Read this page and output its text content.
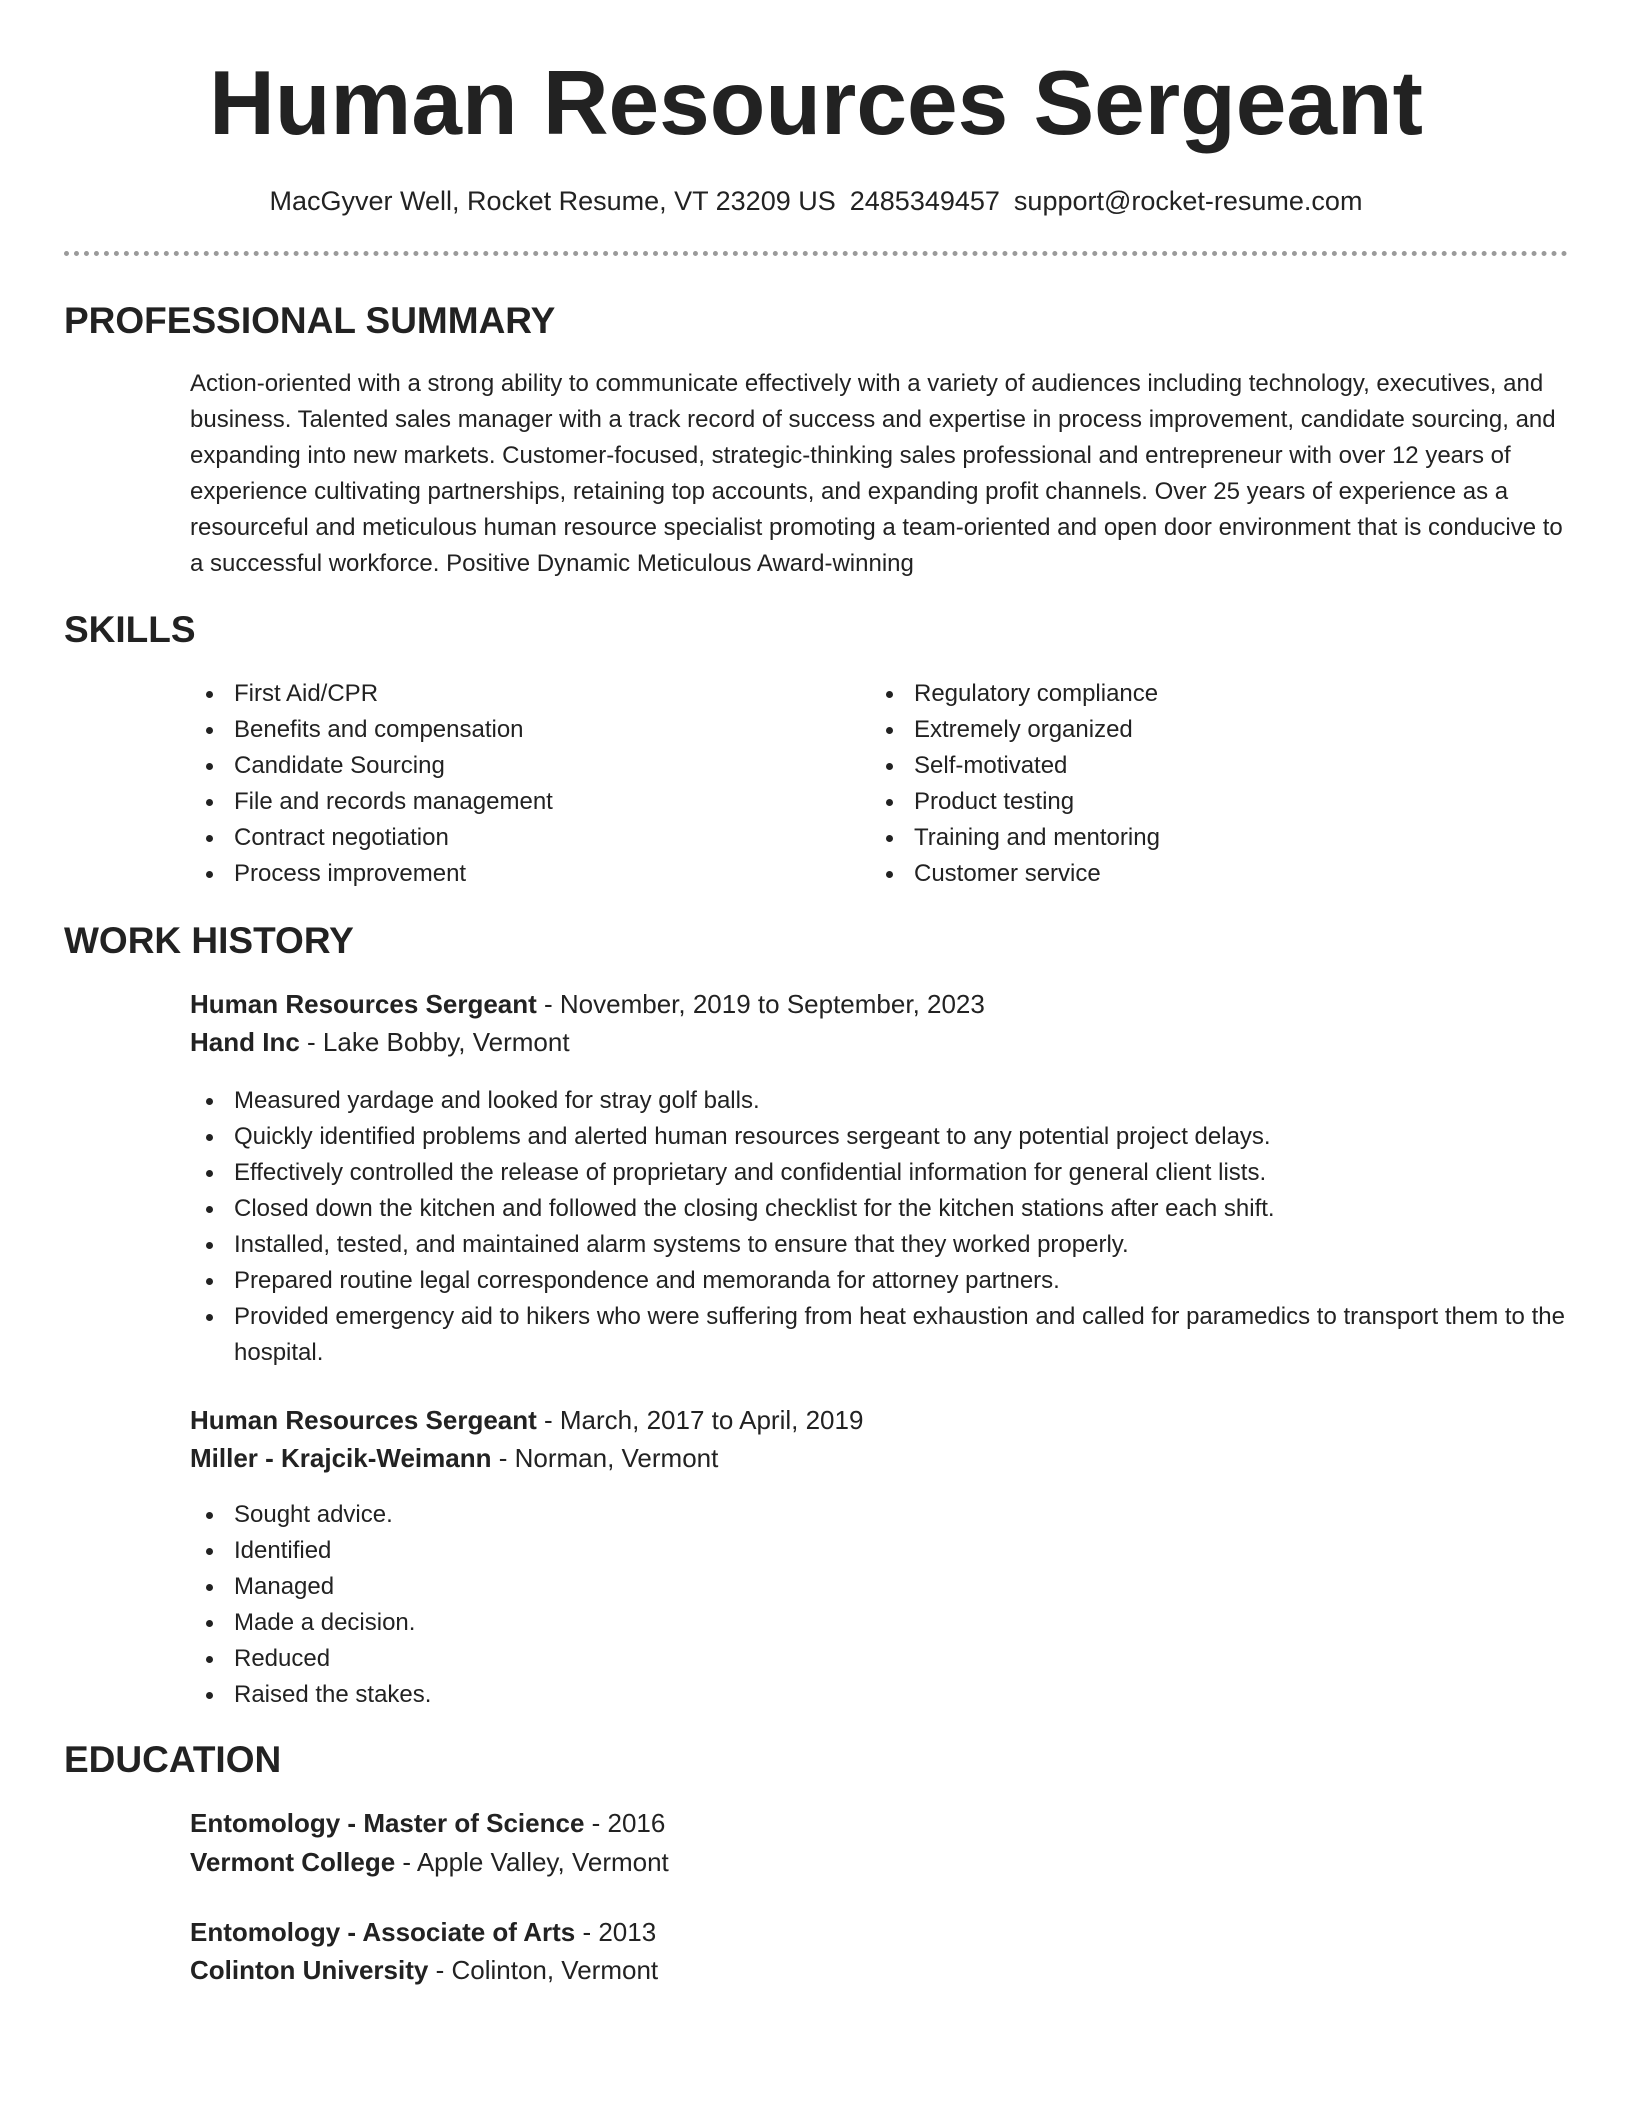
Human Resources Sergeant
MacGyver Well, Rocket Resume, VT 23209 US 2485349457 support@rocket-resume.com
PROFESSIONAL SUMMARY

Action-oriented with a strong ability to communicate effectively with a variety of audiences including technology, executives, and business. Talented sales manager with a track record of success and expertise in process improvement, candidate sourcing, and expanding into new markets. Customer-focused, strategic-thinking sales professional and entrepreneur with over 12 years of experience cultivating partnerships, retaining top accounts, and expanding profit channels. Over 25 years of experience as a resourceful and meticulous human resource specialist promoting a team-oriented and open door environment that is conducive to a successful workforce. Positive Dynamic Meticulous Award-winning

SKILLS
First Aid/CPR
Benefits and compensation
Candidate Sourcing
File and records management
Contract negotiation
Process improvement
Regulatory compliance
Extremely organized
Self-motivated
Product testing
Training and mentoring
Customer service
WORK HISTORY
Human Resources Sergeant - November, 2019 to September, 2023
Hand Inc - Lake Bobby, Vermont
Measured yardage and looked for stray golf balls.
Quickly identified problems and alerted human resources sergeant to any potential project delays.
Effectively controlled the release of proprietary and confidential information for general client lists.
Closed down the kitchen and followed the closing checklist for the kitchen stations after each shift.
Installed, tested, and maintained alarm systems to ensure that they worked properly.
Prepared routine legal correspondence and memoranda for attorney partners.
Provided emergency aid to hikers who were suffering from heat exhaustion and called for paramedics to transport them to the hospital.
Human Resources Sergeant - March, 2017 to April, 2019
Miller - Krajcik-Weimann - Norman, Vermont
Sought advice.
Identified
Managed
Made a decision.
Reduced
Raised the stakes.
EDUCATION
Entomology - Master of Science - 2016
Vermont College - Apple Valley, Vermont
Entomology - Associate of Arts - 2013
Colinton University - Colinton, Vermont
